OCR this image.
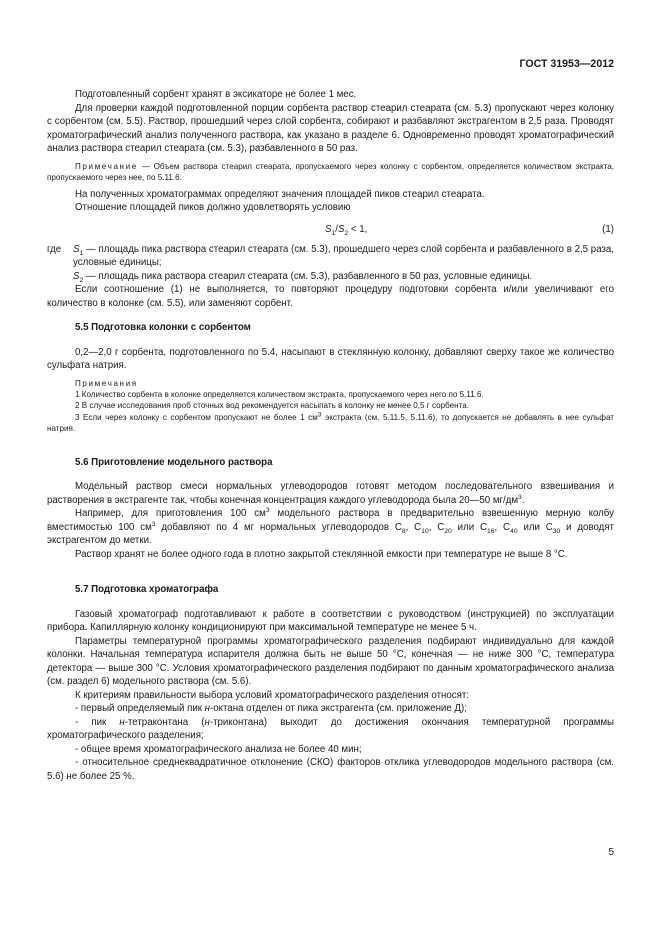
ГОСТ 31953—2012

Подготовленный сорбент хранят в эксикаторе не более 1 мес.

Для проверки каждой подготовленной порции сорбента раствор стеарил стеарата (см. 5.3) пропускают через колонку с сорбентом (см. 5.5). Раствор, прошедший через слой сорбента, собирают и разбавляют экстрагентом в 2,5 раза. Проводят хроматографический анализ полученного раствора, как указано в разделе 6. Одновременно проводят хроматографический анализ раствора стеарил стеарата (см. 5.3), разбавленного в 50 раз.

Примечание — Объем раствора стеарил стеарата, пропускаемого через колонку с сорбентом, определяется количеством экстракта, пропускаемого через нее, по 5.11.6.

На полученных хроматограммах определяют значения площадей пиков стеарил стеарата.

Отношение площадей пиков должно удовлетворять условию

$S_1/S_2 < 1$,	(1)
где	$S_1$ — площадь пика раствора стеарил стеарата (см. 5.3), прошедшего через слой сорбента и разбавленного в 2,5 раза, условные единицы;

$S_2$ — площадь пика раствора стеарил стеарата (см. 5.3), разбавленного в 50 раз, условные единицы.

Если соотношение (1) не выполняется, то повторяют процедуру подготовки сорбента и/или увеличивают его количество в колонке (см. 5.5), или заменяют сорбент.

5.5 Подготовка колонки с сорбентом

0,2—2,0 г сорбента, подготовленного по 5.4, насыпают в стеклянную колонку, добавляют сверху такое же количество сульфата натрия.

Примечания

1 Количество сорбента в колонке определяется количеством экстракта, пропускаемого через него по 5.11.6.

2 В случае исследования проб сточных вод рекомендуется насыпать в колонку не менее 0,5 г сорбента.

3 Если через колонку с сорбентом пропускают не более 1 $см^3$ экстракта (см. 5.11.5, 5.11.6), то допускается не добавлять в нее сульфат натрия.

5.6 Приготовление модельного раствора

Модельный раствор смеси нормальных углеводородов готовят методом последовательного взвешивания и растворения в экстрагенте так, чтобы конечная концентрация каждого углеводорода была 20—50 $мг/дм^3$.

Например, для приготовления 100 $см^3$ модельного раствора в предварительно взвешенную мерную колбу вместимостью 100 $см^3$ добавляют по 4 мг нормальных углеводородов $C_8$, $C_{10}$, $C_{20}$ или $C_{16}$, $C_{40}$ или $C_{30}$ и доводят экстрагентом до метки.

Раствор хранят не более одного года в плотно закрытой стеклянной емкости при температуре не выше 8 °С.

5.7 Подготовка хроматографа

Газовый хроматограф подготавливают к работе в соответствии с руководством (инструкцией) по эксплуатации прибора. Капиллярную колонку кондиционируют при максимальной температуре не менее 5 ч.

Параметры температурной программы хроматографического разделения подбирают индивидуально для каждой колонки. Начальная температура испарителя должна быть не выше 50 °С, конечная — не ниже 300 °С, температура детектора — выше 300 °С. Условия хроматографического разделения подбирают по данным хроматографического анализа (см. раздел 6) модельного раствора (см. 5.6).

К критериям правильности выбора условий хроматографического разделения относят:

- первый определяемый пик н-октана отделен от пика экстрагента (см. приложение Д);

- пик н-тетраконтана (н-триконтана) выходит до достижения окончания температурной программы хроматографического разделения;

- общее время хроматографического анализа не более 40 мин;

- относительное среднеквадратичное отклонение (СКО) факторов отклика углеводородов модельного раствора (см. 5.6) не более 25 %.

5
